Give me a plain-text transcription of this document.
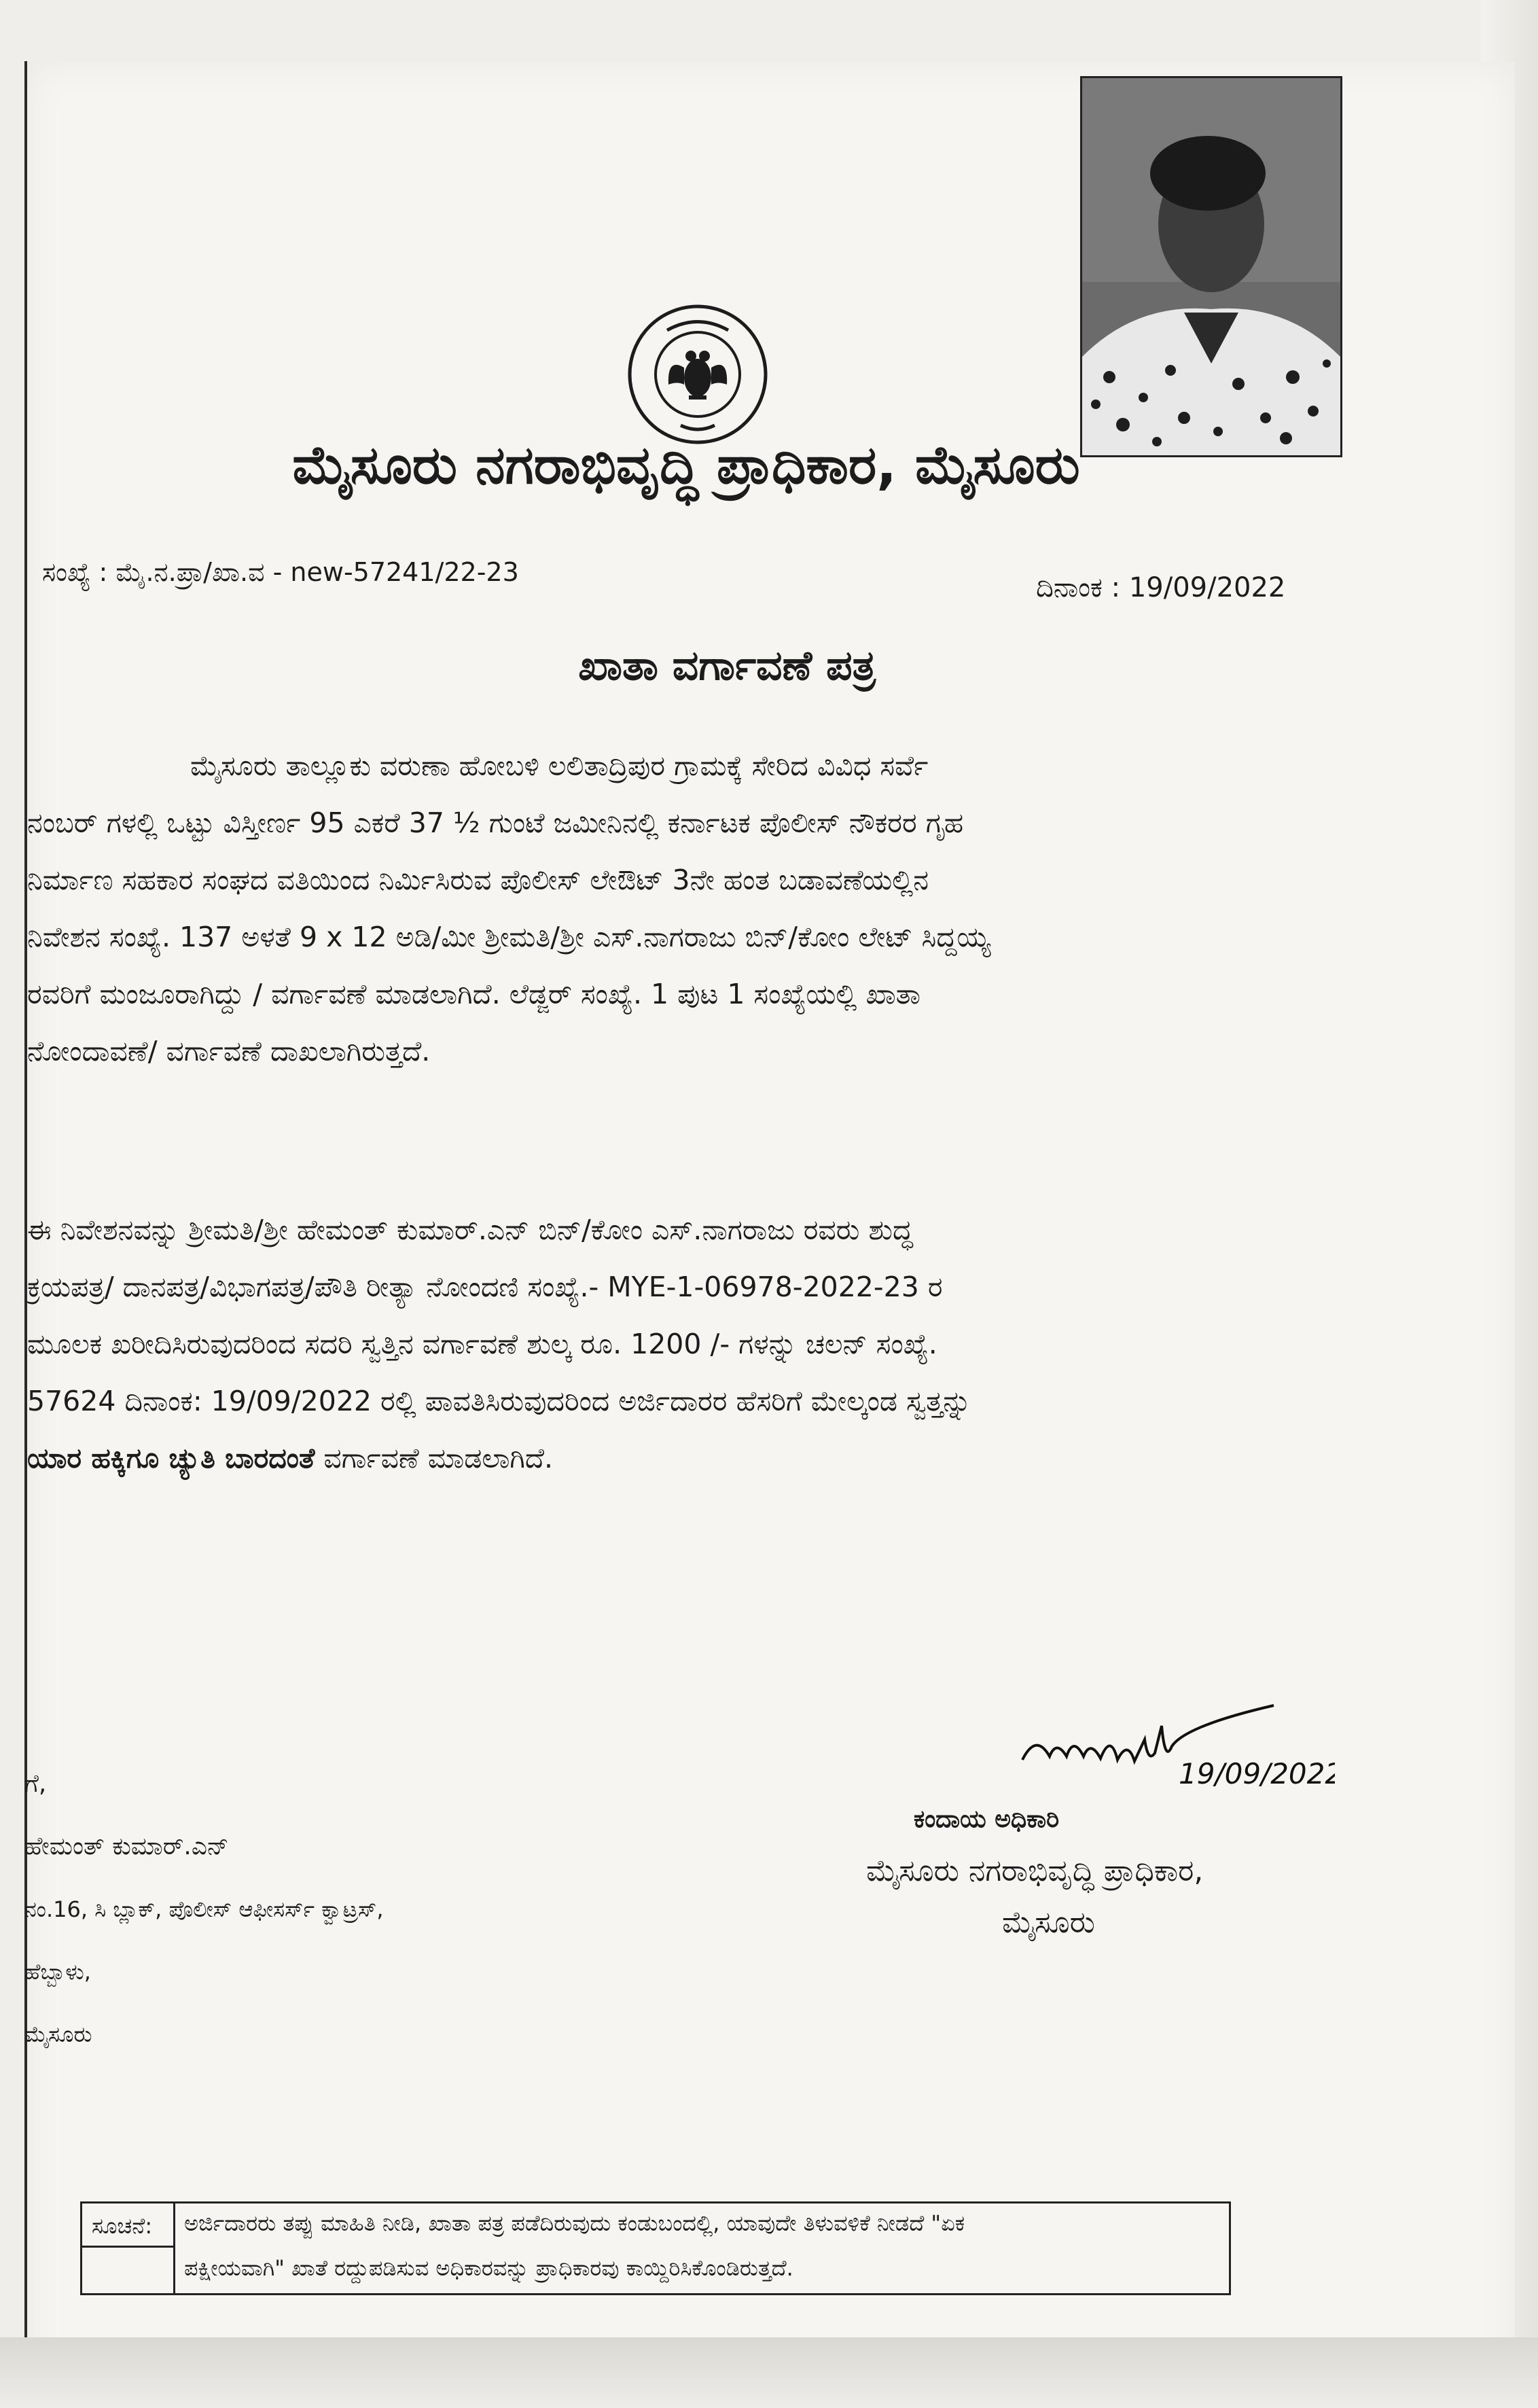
ಮೈಸೂರು ನಗರಾಭಿವೃದ್ಧಿ ಪ್ರಾಧಿಕಾರ, ಮೈಸೂರು
ಸಂಖ್ಯೆ : ಮೈ.ನ.ಪ್ರಾ/ಖಾ.ವ - new-57241/22-23	ದಿನಾಂಕ : 19/09/2022
ಖಾತಾ ವರ್ಗಾವಣೆ ಪತ್ರ
ಮೈಸೂರು ತಾಲ್ಲೂಕು ವರುಣಾ ಹೋಬಳಿ ಲಲಿತಾದ್ರಿಪುರ ಗ್ರಾಮಕ್ಕೆ ಸೇರಿದ ವಿವಿಧ ಸರ್ವೆ
ನಂಬರ್ ಗಳಲ್ಲಿ ಒಟ್ಟು ವಿಸ್ತೀರ್ಣ 95 ಎಕರೆ 37 ½ ಗುಂಟೆ ಜಮೀನಿನಲ್ಲಿ ಕರ್ನಾಟಕ ಪೊಲೀಸ್ ನೌಕರರ ಗೃಹ
ನಿರ್ಮಾಣ ಸಹಕಾರ ಸಂಘದ ವತಿಯಿಂದ ನಿರ್ಮಿಸಿರುವ ಪೊಲೀಸ್ ಲೇಔಟ್ 3ನೇ ಹಂತ ಬಡಾವಣೆಯಲ್ಲಿನ
ನಿವೇಶನ ಸಂಖ್ಯೆ. 137 ಅಳತೆ 9 x 12 ಅಡಿ/ಮೀ ಶ್ರೀಮತಿ/ಶ್ರೀ ಎಸ್.ನಾಗರಾಜು ಬಿನ್/ಕೋಂ ಲೇಟ್ ಸಿದ್ದಯ್ಯ
ರವರಿಗೆ ಮಂಜೂರಾಗಿದ್ದು / ವರ್ಗಾವಣೆ ಮಾಡಲಾಗಿದೆ. ಲೆಡ್ಜರ್ ಸಂಖ್ಯೆ. 1 ಪುಟ 1 ಸಂಖ್ಯೆಯಲ್ಲಿ ಖಾತಾ
ನೋಂದಾವಣೆ/ ವರ್ಗಾವಣೆ ದಾಖಲಾಗಿರುತ್ತದೆ.
ಈ ನಿವೇಶನವನ್ನು ಶ್ರೀಮತಿ/ಶ್ರೀ ಹೇಮಂತ್ ಕುಮಾರ್.ಎನ್ ಬಿನ್/ಕೋಂ ಎಸ್.ನಾಗರಾಜು ರವರು ಶುದ್ಧ
ಕ್ರಯಪತ್ರ/ ದಾನಪತ್ರ/ವಿಭಾಗಪತ್ರ/ಪೌತಿ ರೀತ್ಯಾ ನೋಂದಣಿ ಸಂಖ್ಯೆ.- MYE-1-06978-2022-23 ರ
ಮೂಲಕ ಖರೀದಿಸಿರುವುದರಿಂದ ಸದರಿ ಸ್ವತ್ತಿನ ವರ್ಗಾವಣೆ ಶುಲ್ಕ ರೂ. 1200 /- ಗಳನ್ನು ಚಲನ್ ಸಂಖ್ಯೆ.
57624 ದಿನಾಂಕ: 19/09/2022 ರಲ್ಲಿ ಪಾವತಿಸಿರುವುದರಿಂದ ಅರ್ಜಿದಾರರ ಹೆಸರಿಗೆ ಮೇಲ್ಕಂಡ ಸ್ವತ್ತನ್ನು
ಯಾರ ಹಕ್ಕಿಗೂ ಚ್ಯುತಿ ಬಾರದಂತೆ ವರ್ಗಾವಣೆ ಮಾಡಲಾಗಿದೆ.
ಗೆ,
ಹೇಮಂತ್ ಕುಮಾರ್.ಎನ್
ನಂ.16, ಸಿ ಬ್ಲಾಕ್, ಪೊಲೀಸ್ ಆಫೀಸರ್ಸ್ ಕ್ವಾಟ್ರಸ್,
ಹೆಬ್ಬಾಳು,
ಮೈಸೂರು
19/09/2022
ಕಂದಾಯ ಅಧಿಕಾರಿ
ಮೈಸೂರು ನಗರಾಭಿವೃದ್ಧಿ ಪ್ರಾಧಿಕಾರ,
ಮೈಸೂರು
ಸೂಚನೆ: ಅರ್ಜಿದಾರರು ತಪ್ಪು ಮಾಹಿತಿ ನೀಡಿ, ಖಾತಾ ಪತ್ರ ಪಡೆದಿರುವುದು ಕಂಡುಬಂದಲ್ಲಿ, ಯಾವುದೇ ತಿಳುವಳಿಕೆ ನೀಡದೆ "ಏಕ
ಪಕ್ಷೀಯವಾಗಿ" ಖಾತೆ ರದ್ದುಪಡಿಸುವ ಅಧಿಕಾರವನ್ನು ಪ್ರಾಧಿಕಾರವು ಕಾಯ್ದಿರಿಸಿಕೊಂಡಿರುತ್ತದೆ.
